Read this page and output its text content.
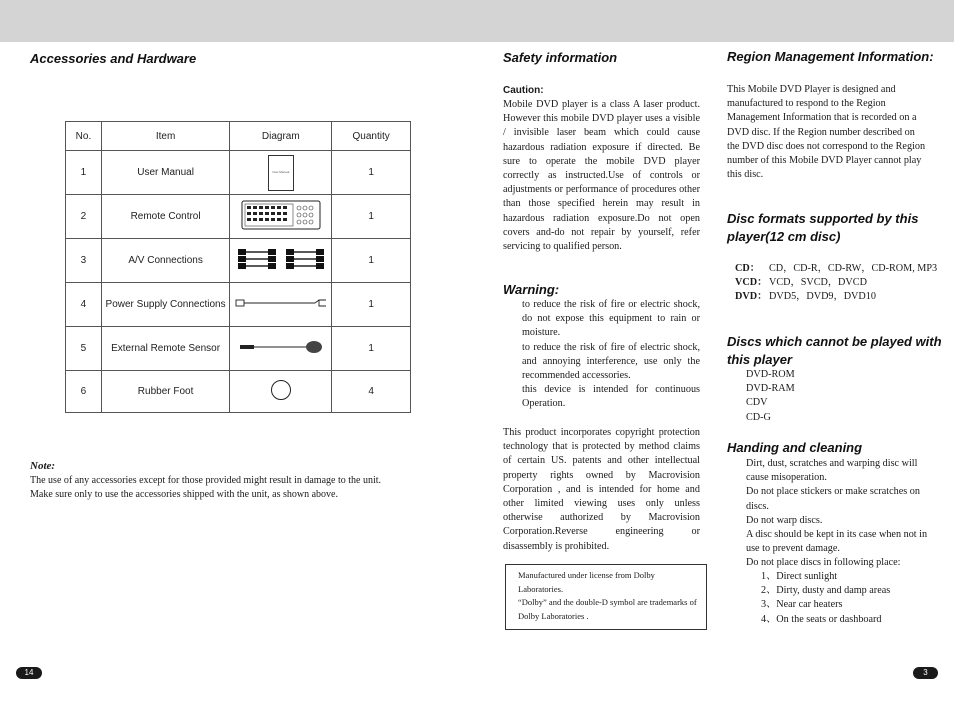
Accessories and Hardware
No.	Item	Diagram	Quantity
1	User Manual	User Manual	1
2	Remote Control		1
3	A/V Connections		1
4	Power Supply Connections		1
5	External Remote Sensor		1
6	Rubber Foot		4
Note:
The use of any accessories except for those provided might result in damage to the unit. Make sure only to use the accessories shipped with the unit, as shown above.
14
Safety information
Caution:

Mobile DVD player is a class A laser product. However this mobile DVD player uses a visible / invisible laser beam which could cause hazardous radiation exposure if directed. Be sure to operate the mobile DVD player correctly as instructed.Use of controls or adjustments or performance of procedures other than those specified herein may result in hazardous radiation exposure.Do not open covers and-do not repair by yourself, refer servicing to qualified person.

Warning:

to reduce the risk of fire or electric shock, do not expose this equipment to rain or moisture.

to reduce the risk of fire of electric shock, and annoying interference, use only the recommended accessories.

this device is intended for continuous Operation.

This product incorporates copyright protection technology that is protected by method claims of certain US. patents and other intellectual property rights owned by Macrovision Corporation , and is intended for home and other limited viewing uses only unless otherwise authorized by Macrovision Corporation.Reverse engineering or disassembly is prohibited.

Manufactured under license from Dolby Laboratories.
“Dolby” and the double-D symbol are trademarks of Dolby Laboratories .
Region Management Information:
This Mobile DVD Player is designed and manufactured to respond to the Region Management Information that is recorded on a DVD disc. If the Region number described on the DVD disc does not correspond to the Region number of this Mobile DVD Player cannot play this disc.
Disc formats supported by this player(12 cm disc)
CD： CD，CD-R，CD-RW，CD-ROM, MP3
VCD： VCD，SVCD，DVCD
DVD： DVD5，DVD9，DVD10
Discs which cannot be played with this player

DVD-ROM

DVD-RAM

CDV

CD-G

Handing and cleaning

Dirt, dust, scratches and warping disc will cause misoperation.

Do not place stickers or make scratches on discs.

Do not warp discs.

A disc should be kept in its case when not in use to prevent damage.

Do not place discs in following place:

1、Direct sunlight

2、Dirty, dusty and damp areas

3、Near car heaters

4、On the seats or dashboard

3
